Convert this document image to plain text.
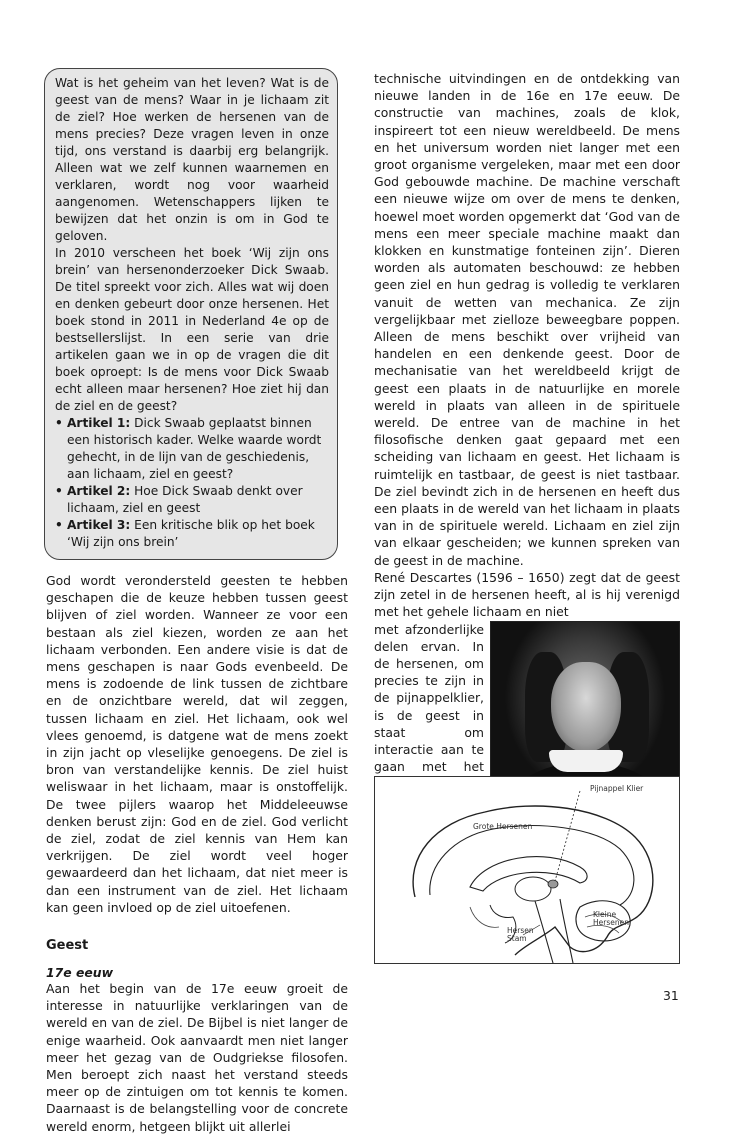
Wat is het geheim van het leven? Wat is de geest van de mens? Waar in je lichaam zit de ziel? Hoe werken de hersenen van de mens precies? Deze vragen leven in onze tijd, ons verstand is daarbij erg belangrijk. Alleen wat we zelf kunnen waarnemen en verklaren, wordt nog voor waarheid aangenomen. Wetenschappers lijken te bewijzen dat het onzin is om in God te geloven.

In 2010 verscheen het boek ‘Wij zijn ons brein’ van hersenonderzoeker Dick Swaab. De titel spreekt voor zich. Alles wat wij doen en denken gebeurt door onze hersenen. Het boek stond in 2011 in Nederland 4e op de bestsellerslijst. In een serie van drie artikelen gaan we in op de vragen die dit boek oproept: Is de mens voor Dick Swaab echt alleen maar hersenen? Hoe ziet hij dan de ziel en de geest?

• Artikel 1: Dick Swaab geplaatst binnen een historisch kader. Welke waarde wordt gehecht, in de lijn van de geschiedenis, aan lichaam, ziel en geest?
• Artikel 2: Hoe Dick Swaab denkt over lichaam, ziel en geest
• Artikel 3: Een kritische blik op het boek ‘Wij zijn ons brein’

God wordt verondersteld geesten te hebben geschapen die de keuze hebben tussen geest blijven of ziel worden. Wanneer ze voor een bestaan als ziel kiezen, worden ze aan het lichaam verbonden. Een andere visie is dat de mens geschapen is naar Gods evenbeeld. De mens is zodoende de link tussen de zichtbare en de onzichtbare wereld, dat wil zeggen, tussen lichaam en ziel. Het lichaam, ook wel vlees genoemd, is datgene wat de mens zoekt in zijn jacht op vleselijke genoegens. De ziel is bron van verstandelijke kennis. De ziel huist weliswaar in het lichaam, maar is onstoffelijk. De twee pijlers waarop het Middeleeuwse denken berust zijn: God en de ziel. God verlicht de ziel, zodat de ziel kennis van Hem kan verkrijgen. De ziel wordt veel hoger gewaardeerd dan het lichaam, dat niet meer is dan een instrument van de ziel. Het lichaam kan geen invloed op de ziel uitoefenen.

Geest

17e eeuw

Aan het begin van de 17e eeuw groeit de interesse in natuurlijke verklaringen van de wereld en van de ziel. De Bijbel is niet langer de enige waarheid. Ook aanvaardt men niet langer meer het gezag van de Oudgriekse filosofen. Men beroept zich naast het verstand steeds meer op de zintuigen om tot kennis te komen. Daarnaast is de belangstelling voor de concrete wereld enorm, hetgeen blijkt uit allerlei

technische uitvindingen en de ontdekking van nieuwe landen in de 16e en 17e eeuw. De constructie van machines, zoals de klok, inspireert tot een nieuw wereldbeeld. De mens en het universum worden niet langer met een groot organisme vergeleken, maar met een door God gebouwde machine. De machine verschaft een nieuwe wijze om over de mens te denken, hoewel moet worden opgemerkt dat ‘God van de mens een meer speciale machine maakt dan klokken en kunstmatige fonteinen zijn’. Dieren worden als automaten beschouwd: ze hebben geen ziel en hun gedrag is volledig te verklaren vanuit de wetten van mechanica. Ze zijn vergelijkbaar met zielloze beweegbare poppen. Alleen de mens beschikt over vrijheid van handelen en een denkende geest. Door de mechanisatie van het wereldbeeld krijgt de geest een plaats in de natuurlijke en morele wereld in plaats van alleen in de spirituele wereld. De entree van de machine in het filosofische denken gaat gepaard met een scheiding van lichaam en geest. Het lichaam is ruimtelijk en tastbaar, de geest is niet tastbaar. De ziel bevindt zich in de hersenen en heeft dus een plaats in de wereld van het lichaam in plaats van in de spirituele wereld. Lichaam en ziel zijn van elkaar gescheiden; we kunnen spreken van de geest in de machine.

René Descartes (1596 – 1650) zegt dat de geest zijn zetel in de hersenen heeft, al is hij verenigd met het gehele lichaam en niet

met afzonderlijke delen ervan. In de hersenen, om precies te zijn in de pijnappelklier, is de geest in staat om interactie aan te gaan met het

Pijnappel Klier
Grote Hersenen
Kleine Hersenen
Hersen Stam
31
